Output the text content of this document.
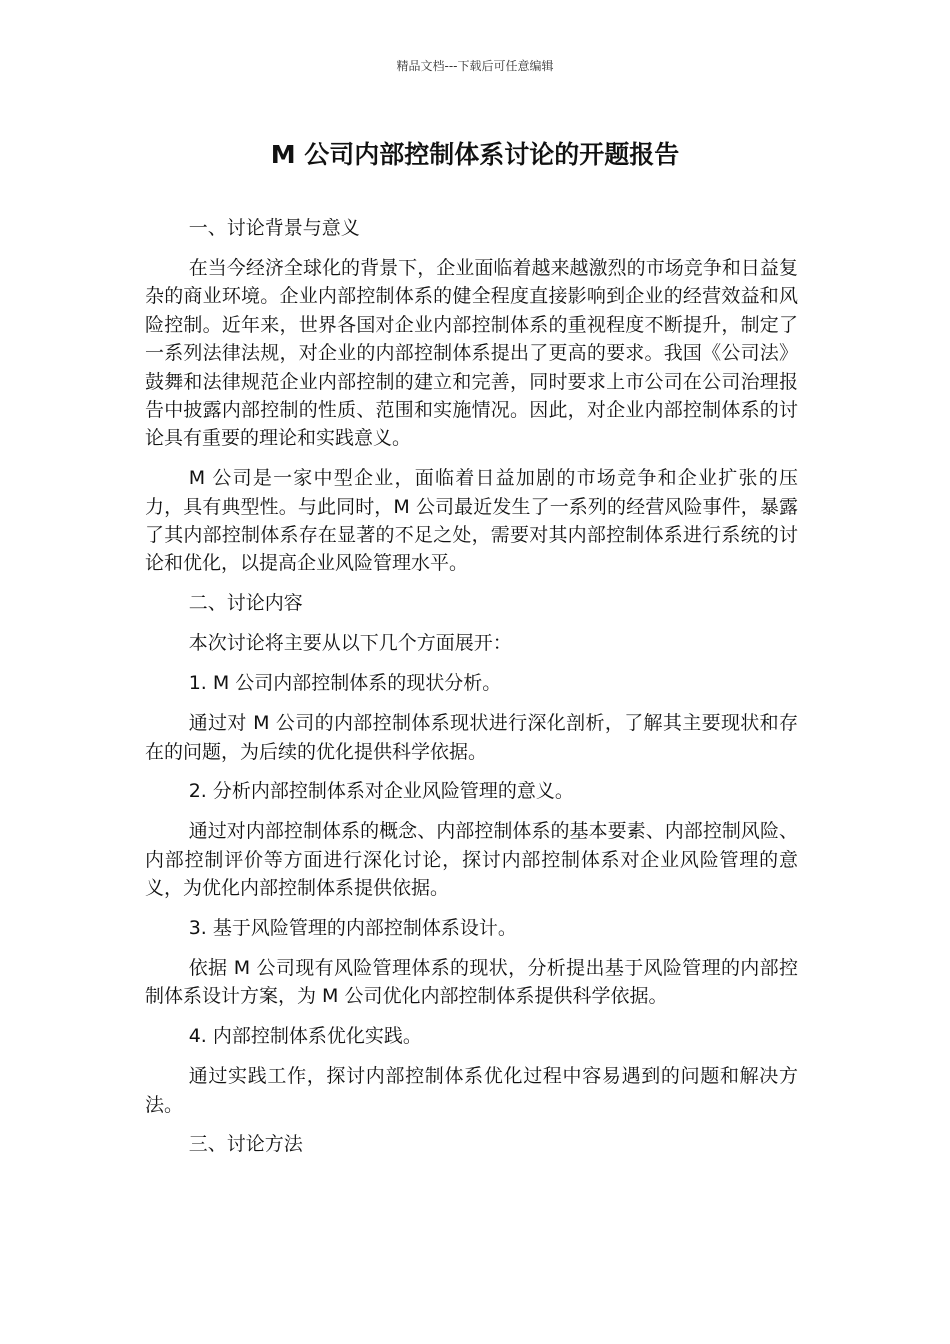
精品文档---下载后可任意编辑
M 公司内部控制体系讨论的开题报告

一、讨论背景与意义

在当今经济全球化的背景下，企业面临着越来越激烈的市场竞争和日益复杂的商业环境。企业内部控制体系的健全程度直接影响到企业的经营效益和风险控制。近年来，世界各国对企业内部控制体系的重视程度不断提升，制定了一系列法律法规，对企业的内部控制体系提出了更高的要求。我国《公司法》鼓舞和法律规范企业内部控制的建立和完善，同时要求上市公司在公司治理报告中披露内部控制的性质、范围和实施情况。因此，对企业内部控制体系的讨论具有重要的理论和实践意义。

M 公司是一家中型企业，面临着日益加剧的市场竞争和企业扩张的压力，具有典型性。与此同时，M 公司最近发生了一系列的经营风险事件，暴露了其内部控制体系存在显著的不足之处，需要对其内部控制体系进行系统的讨论和优化，以提高企业风险管理水平。

二、讨论内容

本次讨论将主要从以下几个方面展开：

1. M 公司内部控制体系的现状分析。

通过对 M 公司的内部控制体系现状进行深化剖析，了解其主要现状和存在的问题，为后续的优化提供科学依据。

2. 分析内部控制体系对企业风险管理的意义。

通过对内部控制体系的概念、内部控制体系的基本要素、内部控制风险、内部控制评价等方面进行深化讨论，探讨内部控制体系对企业风险管理的意义，为优化内部控制体系提供依据。

3. 基于风险管理的内部控制体系设计。

依据 M 公司现有风险管理体系的现状，分析提出基于风险管理的内部控制体系设计方案，为 M 公司优化内部控制体系提供科学依据。

4. 内部控制体系优化实践。

通过实践工作，探讨内部控制体系优化过程中容易遇到的问题和解决方法。

三、讨论方法
